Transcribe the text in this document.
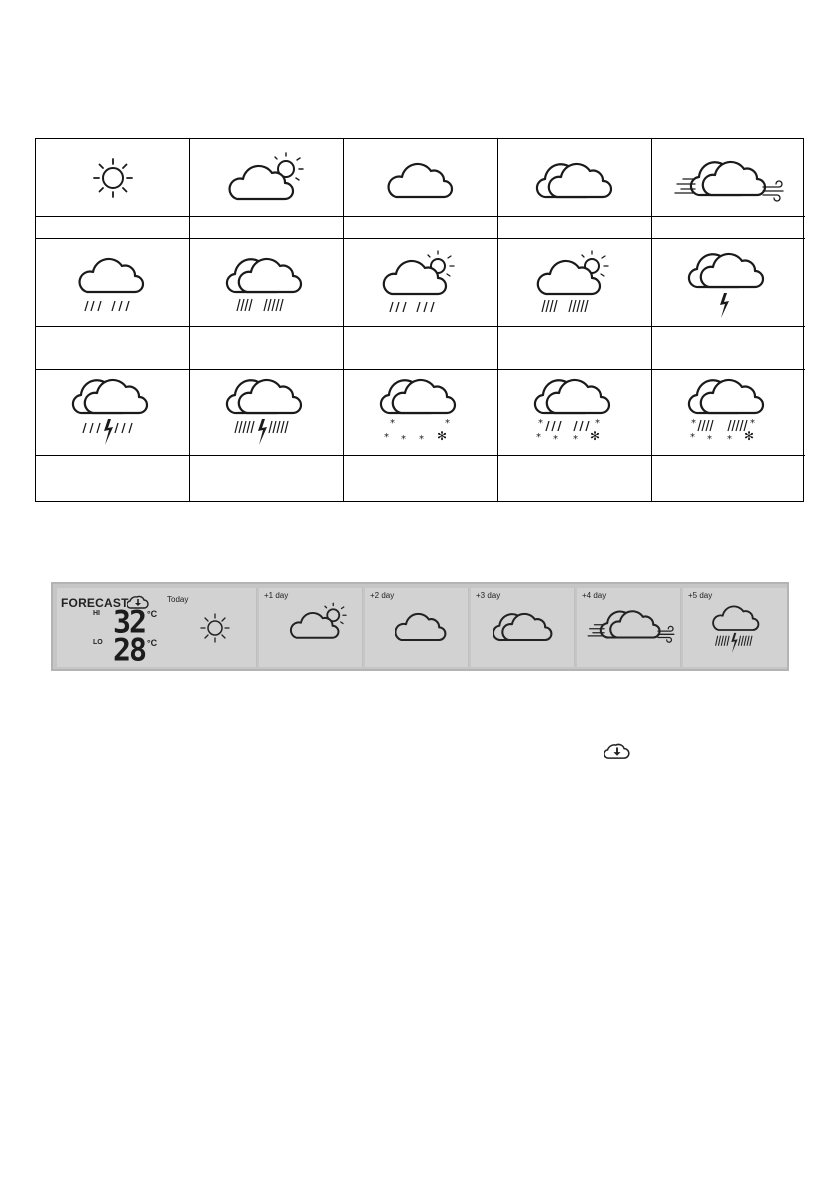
*	*
* * * ✻
*	*
* * * ✻
*	*
* * * ✻
FORECAST	Today
HI 32 °C
LO 28 °C
+1 day	+2 day	+3 day	+4 day	+5 day
